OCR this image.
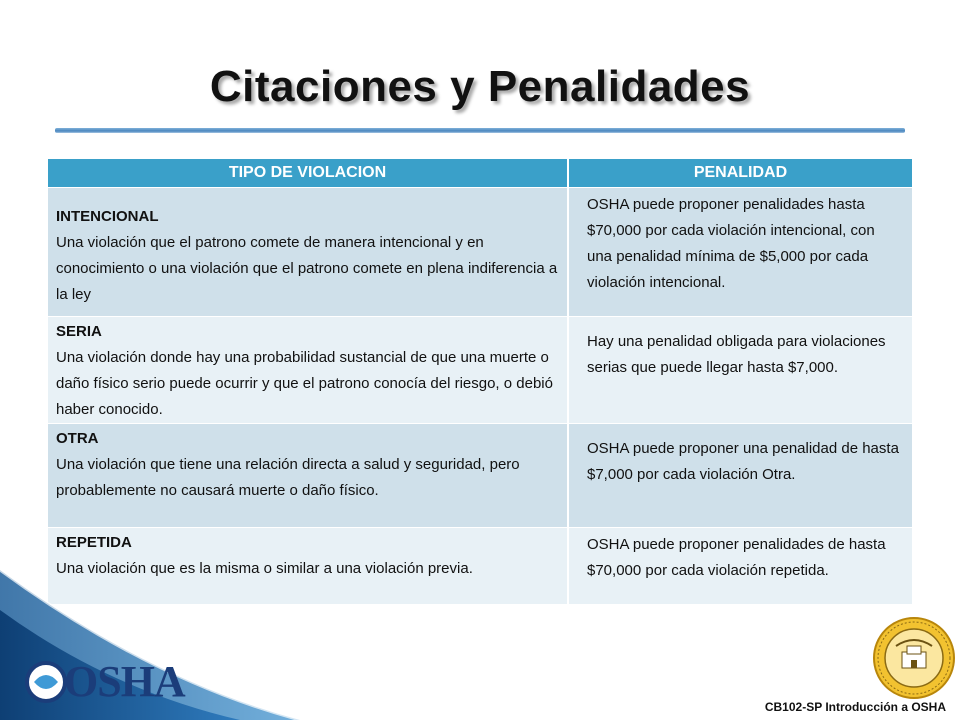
Citaciones y Penalidades
TIPO DE VIOLACION	PENALIDAD

INTENCIONAL
Una violación que el patrono comete de manera intencional y en conocimiento o una violación que el patrono comete en plena indiferencia a la ley	OSHA puede proponer penalidades hasta $70,000 por cada violación intencional, con una penalidad mínima de $5,000 por cada violación intencional.

SERIA
Una violación donde hay una probabilidad sustancial de que una muerte o daño físico serio puede ocurrir y que el patrono conocía del riesgo, o debió haber conocido.	Hay una penalidad obligada para violaciones serias que puede llegar hasta $7,000.

OTRA
Una violación que tiene una relación directa a salud y seguridad, pero probablemente no causará muerte o daño físico.	OSHA puede proponer una penalidad de hasta $7,000 por cada violación Otra.

REPETIDA
Una violación que es la misma o similar a una violación previa.	OSHA puede proponer penalidades de hasta $70,000 por cada violación repetida.
OSHA
CB102-SP Introducción a OSHA
